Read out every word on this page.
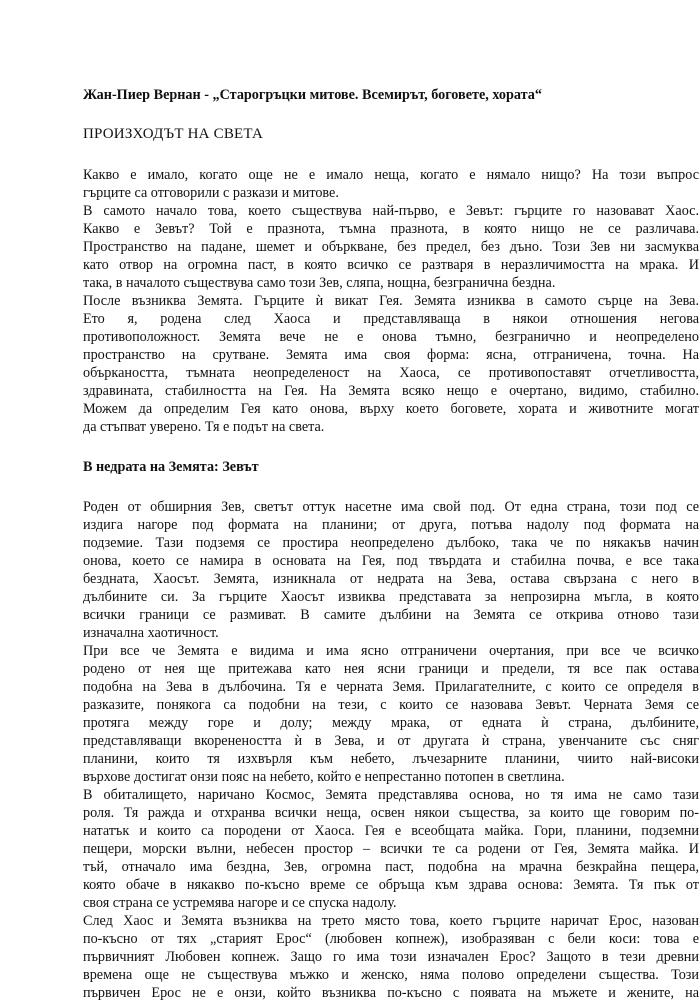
Жан-Пиер Вернан - „Старогръцки митове. Всемирът, боговете, хората“

ПРОИЗХОДЪТ НА СВЕТА
Какво е имало, когато още не е имало неща, когато е нямало нищо? На този въпрос
гърците са отговорили с разкази и митове.
В самото начало това, което съществува най-първо, е Зевът: гърците го назовават Хаос.
Какво е Зевът? Той е празнота, тъмна празнота, в която нищо не се различава.
Пространство на падане, шемет и объркване, без предел, без дъно. Този Зев ни засмуква
като отвор на огромна паст, в която всичко се разтваря в неразличимостта на мрака. И
така, в началото съществува само този Зев, сляпа, нощна, безгранична бездна.
После възниква Земята. Гърците ѝ викат Гея. Земята изниква в самото сърце на Зева.
Ето я, родена след Хаоса и представляваща в някои отношения негова
противоположност. Земята вече не е онова тъмно, безгранично и неопределено
пространство на срутване. Земята има своя форма: ясна, отграничена, точна. На
объркаността, тъмната неопределеност на Хаоса, се противопоставят отчетливостта,
здравината, стабилността на Гея. На Земята всяко нещо е очертано, видимо, стабилно.
Можем да определим Гея като онова, върху което боговете, хората и животните могат
да стъпват уверено. Тя е подът на света.
В недрата на Земята: Зевът
Роден от обширния Зев, светът оттук насетне има свой под. От една страна, този под се
издига нагоре под формата на планини; от друга, потъва надолу под формата на
подземие. Тази подземя се простира неопределено дълбоко, така че по някакъв начин
онова, което се намира в основата на Гея, под твърдата и стабилна почва, е все така
бездната, Хаосът. Земята, изникнала от недрата на Зева, остава свързана с него в
дълбините си. За гърците Хаосът извиква представата за непрозирна мъгла, в която
всички граници се размиват. В самите дълбини на Земята се открива отново тази
изначална хаотичност.
При все че Земята е видима и има ясно отграничени очертания, при все че всичко
родено от нея ще притежава като нея ясни граници и предели, тя все пак остава
подобна на Зева в дълбочина. Тя е черната Земя. Прилагателните, с които се определя в
разказите, понякога са подобни на тези, с които се назовава Зевът. Черната Земя се
протяга между горе и долу; между мрака, от едната ѝ страна, дълбините,
представляващи вкоренеността ѝ в Зева, и от другата ѝ страна, увенчаните със сняг
планини, които тя изхвърля към небето, лъчезарните планини, чиито най-високи
върхове достигат онзи пояс на небето, който е непрестанно потопен в светлина.
В обиталището, наричано Космос, Земята представлява основа, но тя има не само тази
роля. Тя ражда и отхранва всички неща, освен някои същества, за които ще говорим по-
нататък и които са породени от Хаоса. Гея е всеобщата майка. Гори, планини, подземни
пещери, морски вълни, небесен простор – всички те са родени от Гея, Земята майка. И
тъй, отначало има бездна, Зев, огромна паст, подобна на мрачна безкрайна пещера,
която обаче в някакво по-късно време се обръща към здрава основа: Земята. Тя пък от
своя страна се устремява нагоре и се спуска надолу.
След Хаос и Земята възниква на трето място това, което гърците наричат Ерос, назован
по-късно от тях „старият Ерос“ (любовен копнеж), изобразяван с бели коси: това е
първичният Любовен копнеж. Защо го има този изначален Ерос? Защото в тези древни
времена още не съществува мъжко и женско, няма полово определени същества. Този
първичен Ерос не е онзи, който възниква по-късно с появата на мъжете и жените, на
